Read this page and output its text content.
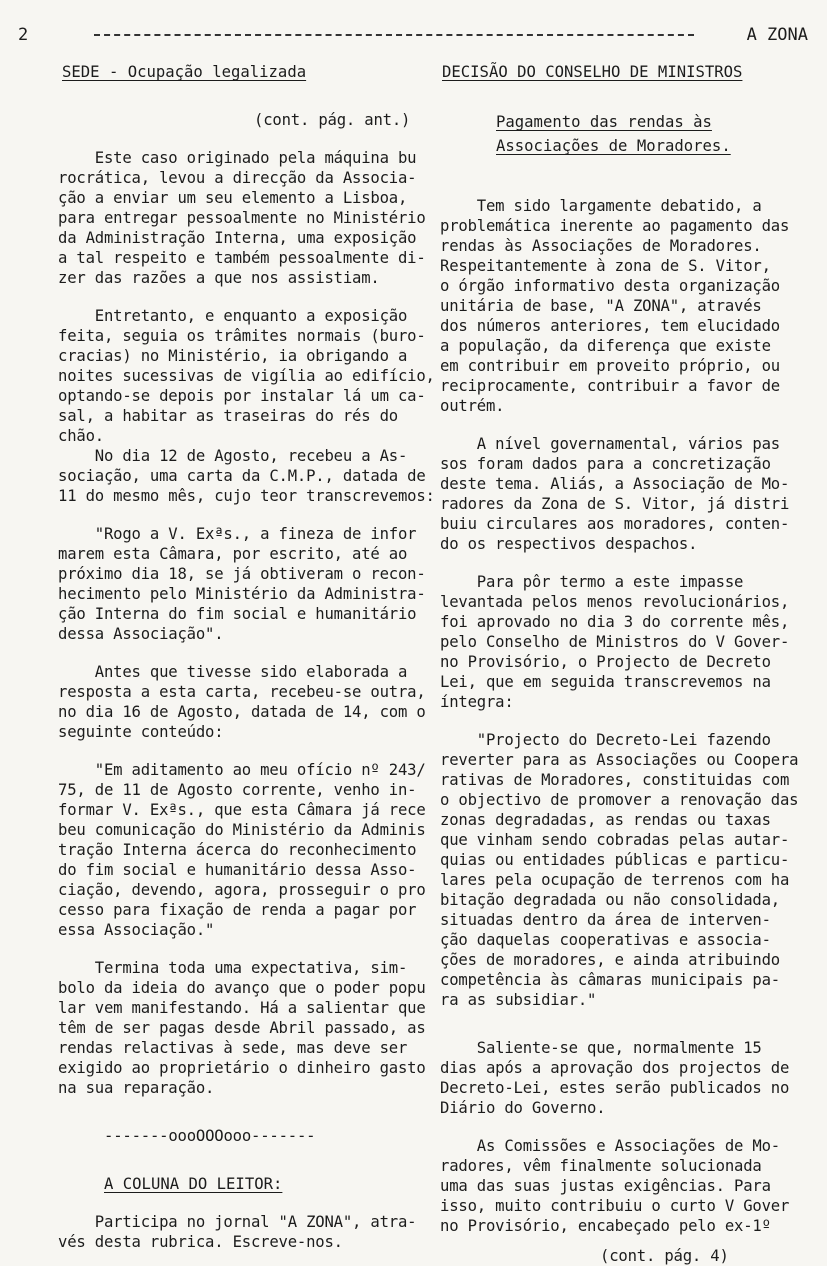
2	A ZONA
SEDE - Ocupação legalizada
(cont. pág. ant.)
Este caso originado pela máquina bu
rocrática, levou a direcção da Associa-
ção a enviar um seu elemento a Lisboa,
para entregar pessoalmente no Ministério
da Administração Interna, uma exposição
a tal respeito e também pessoalmente di-
zer das razões a que nos assistiam.
Entretanto, e enquanto a exposição
feita, seguia os trâmites normais (buro-
cracias) no Ministério, ia obrigando a
noites sucessivas de vigília ao edifício,
optando-se depois por instalar lá um ca-
sal, a habitar as traseiras do rés do
chão.
No dia 12 de Agosto, recebeu a As-
sociação, uma carta da C.M.P., datada de
11 do mesmo mês, cujo teor transcrevemos:
"Rogo a V. Exªs., a fineza de infor
marem esta Câmara, por escrito, até ao
próximo dia 18, se já obtiveram o recon-
hecimento pelo Ministério da Administra-
ção Interna do fim social e humanitário
dessa Associação".
Antes que tivesse sido elaborada a
resposta a esta carta, recebeu-se outra,
no dia 16 de Agosto, datada de 14, com o
seguinte conteúdo:
"Em aditamento ao meu ofício nº 243/
75, de 11 de Agosto corrente, venho in-
formar V. Exªs., que esta Câmara já rece
beu comunicação do Ministério da Adminis
tração Interna ácerca do reconhecimento
do fim social e humanitário dessa Asso-
ciação, devendo, agora, prosseguir o pro
cesso para fixação de renda a pagar por
essa Associação."
Termina toda uma expectativa, sim-
bolo da ideia do avanço que o poder popu
lar vem manifestando. Há a salientar que
têm de ser pagas desde Abril passado, as
rendas relactivas à sede, mas deve ser
exigido ao proprietário o dinheiro gasto
na sua reparação.
-------oooOOOooo-------
A COLUNA DO LEITOR:
Participa no jornal "A ZONA", atra-
vés desta rubrica. Escreve-nos.
DECISÃO DO CONSELHO DE MINISTROS
Pagamento das rendas às
Associações de Moradores.
Tem sido largamente debatido, a
problemática inerente ao pagamento das
rendas às Associações de Moradores.
Respeitantemente à zona de S. Vitor,
o órgão informativo desta organização
unitária de base, "A ZONA", através
dos números anteriores, tem elucidado
a população, da diferença que existe
em contribuir em proveito próprio, ou
reciprocamente, contribuir a favor de
outrém.
A nível governamental, vários pas
sos foram dados para a concretização
deste tema. Aliás, a Associação de Mo-
radores da Zona de S. Vitor, já distri
buiu circulares aos moradores, conten-
do os respectivos despachos.
Para pôr termo a este impasse
levantada pelos menos revolucionários,
foi aprovado no dia 3 do corrente mês,
pelo Conselho de Ministros do V Gover-
no Provisório, o Projecto de Decreto
Lei, que em seguida transcrevemos na
íntegra:
"Projecto do Decreto-Lei fazendo
reverter para as Associações ou Coopera
rativas de Moradores, constituidas com
o objectivo de promover a renovação das
zonas degradadas, as rendas ou taxas
que vinham sendo cobradas pelas autar-
quias ou entidades públicas e particu-
lares pela ocupação de terrenos com ha
bitação degradada ou não consolidada,
situadas dentro da área de interven-
ção daquelas cooperativas e associa-
ções de moradores, e ainda atribuindo
competência às câmaras municipais pa-
ra as subsidiar."
Saliente-se que, normalmente 15
dias após a aprovação dos projectos de
Decreto-Lei, estes serão publicados no
Diário do Governo.
As Comissões e Associações de Mo-
radores, vêm finalmente solucionada
uma das suas justas exigências. Para
isso, muito contribuiu o curto V Gover
no Provisório, encabeçado pelo ex-1º
(cont. pág. 4)
